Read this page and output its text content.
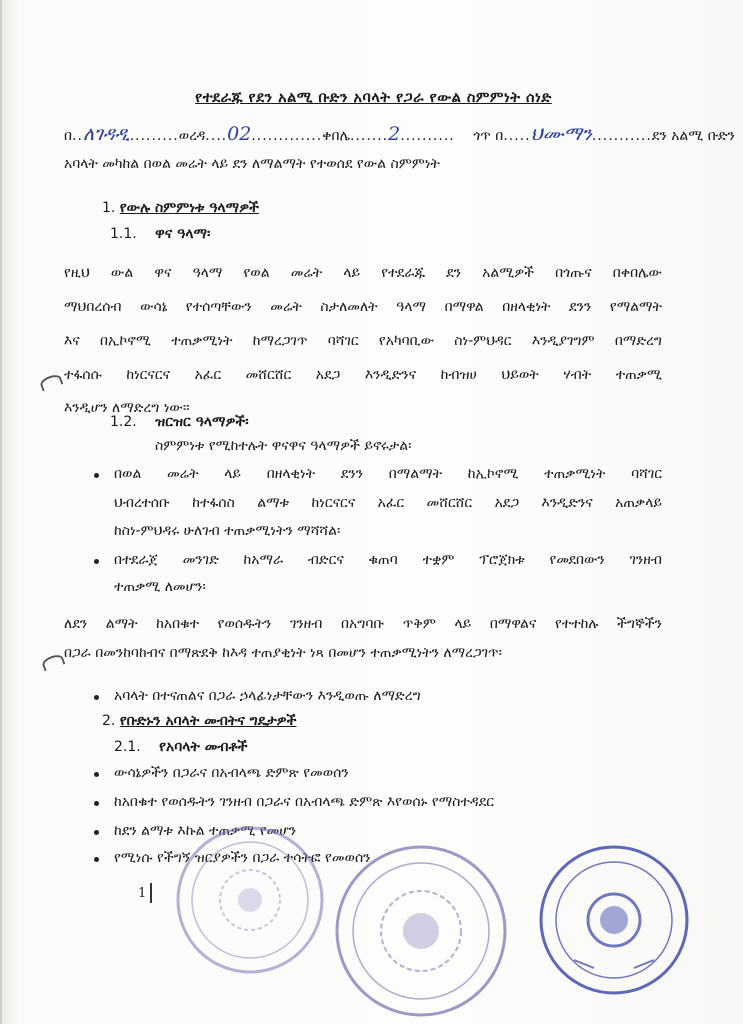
የተደራጁ የደን አልሚ ቡድን አባላት የጋራ የውል ስምምነት ሰነድ
በ..ለገዳዲ.........ወረዳ....02.............ቀበሌ.......2.......... ጎጥ በ.....ህሙማን...........ደን አልሚ ቡድን
አባላት መካከል በወል መሬት ላይ ደን ለማልማት የተወሰደ የውል ስምምነት
1. የውሉ ስምምነቱ ዓላማዎች
1.1. ዋና ዓላማ፡
የዚህ ውል ዋና ዓላማ የወል መሬት ላይ የተደራጁ ደን አልሚዎች በጎጡና በቀበሌው
ማህበረሰብ ውሳኔ የተሰጣቸውን መሬት ስታለመለት ዓላማ በማዋል በዘላቂነት ደንን የማልማት
እና በኢኮኖሚ ተጠቃሚነት ከማረጋገጥ ባሻገር የአካባቢው ስነ-ምህዳር እንዲያገግም በማድረግ
ተፋሰሱ ከነርናርና አፈር መሸርሸር አደጋ እንዲድንና ከብዝሀ ህይወት ሃብት ተጠቃሚ
እንዲሆን ለማድረግ ነው፡፡
1.2. ዝርዝር ዓላማዎች፡
ስምምነቱ የሚከተሉት ዋናዋና ዓላማዎች ይኖሩታል፡
በወል መሬት ላይ በዘላቂነት ደንን በማልማት ከኢኮኖሚ ተጠቃሚነት ባሻገር
ህብረተሰቡ ከተፋሰስ ልማቱ ከነርናርና አፈር መሸርሸር አደጋ እንዲድንና አጠቃላይ
ከስነ-ምህዳሩ ሁለገብ ተጠቃሚነትን ማሻሻል፡
በተደራጀ መንገድ ከአማራ ብድርና ቁጠባ ተቋም ፕሮጀክቱ የመደበውን ገንዘብ
ተጠቃሚ ለመሆን፡
ለደን ልማት ከአበቁተ የወሰዱትን ገንዘብ በአግባቡ ጥቅም ላይ በማዋልና የተተከሉ ችግኞችን
በጋራ በመንከባከብና በማጽደቅ ከእዳ ተጠያቂነት ነጻ በመሆን ተጠቃሚነትን ለማረጋገጥ፡
አባላት በተናጠልና በጋራ ኃላፊነታቸውን እንዲወጡ ለማድረግ
2. የቡድኑን አባላት መብትና ግዴታዎች
2.1. የአባላት መብቶች
ውሳኔዎችን በጋራና በአብላጫ ድምጽ የመወሰን
ከአበቁተ የወሰዱትን ገንዘብ በጋራና በአብላጫ ድምጽ እየወሰኑ የማስተዳደር
ከደን ልማቱ እኩል ተጠቃሚ የመሆን
የሚነሱ የችግኝ ዝርያዎችን በጋራ ተሳትፎ የመወሰን
1
